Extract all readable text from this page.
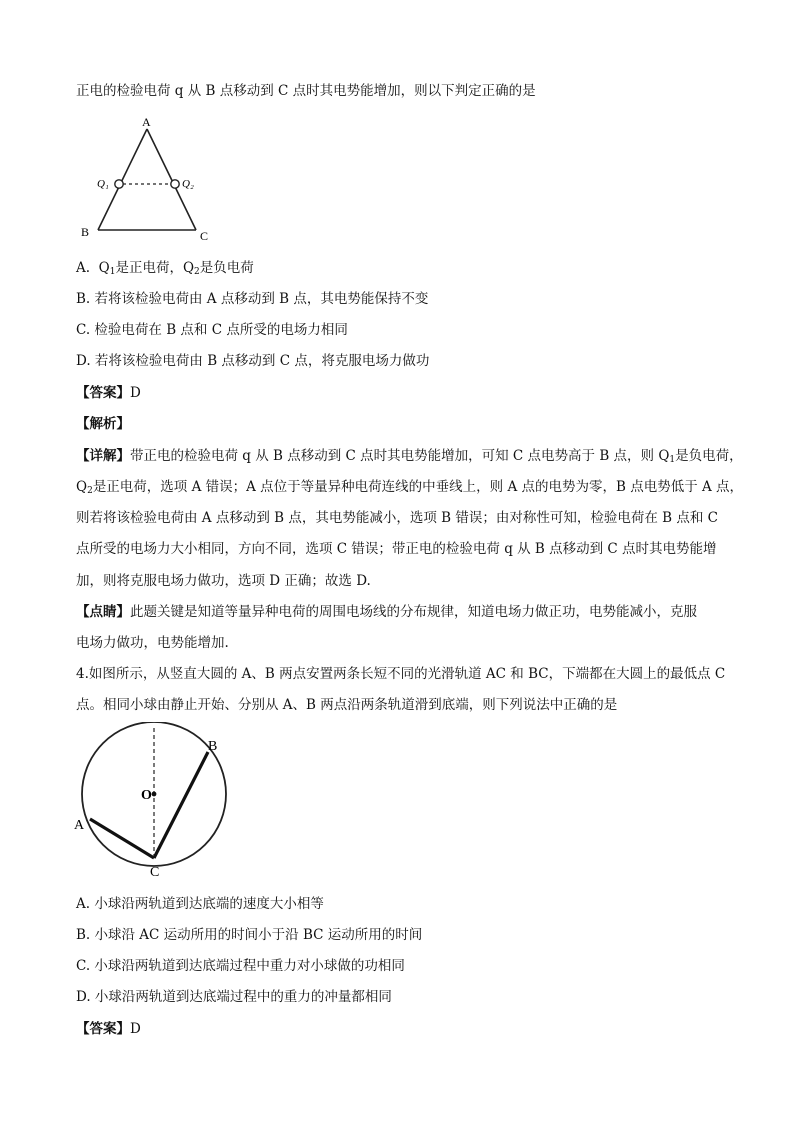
正电的检验电荷 q 从 B 点移动到 C 点时其电势能增加，则以下判定正确的是
A
B	C
Q₁	Q₂
A. $Q_1$是正电荷，$Q_2$是负电荷
B. 若将该检验电荷由 A 点移动到 B 点，其电势能保持不变
C. 检验电荷在 B 点和 C 点所受的电场力相同
D. 若将该检验电荷由 B 点移动到 C 点，将克服电场力做功
【答案】D
【解析】
【详解】带正电的检验电荷 q 从 B 点移动到 C 点时其电势能增加，可知 C 点电势高于 B 点，则 $Q_1$是负电荷，
$Q_2$是正电荷，选项 A 错误；A 点位于等量异种电荷连线的中垂线上，则 A 点的电势为零，B 点电势低于 A 点，
则若将该检验电荷由 A 点移动到 B 点，其电势能减小，选项 B 错误；由对称性可知，检验电荷在 B 点和 C
点所受的电场力大小相同，方向不同，选项 C 错误；带正电的检验电荷 q 从 B 点移动到 C 点时其电势能增
加，则将克服电场力做功，选项 D 正确；故选 D.
【点睛】此题关键是知道等量异种电荷的周围电场线的分布规律，知道电场力做正功，电势能减小，克服
电场力做功，电势能增加.
4.如图所示，从竖直大圆的 A、B 两点安置两条长短不同的光滑轨道 AC 和 BC，下端都在大圆上的最低点 C
点。相同小球由静止开始、分别从 A、B 两点沿两条轨道滑到底端，则下列说法中正确的是
O
A
B
C
A. 小球沿两轨道到达底端的速度大小相等
B. 小球沿 AC 运动所用的时间小于沿 BC 运动所用的时间
C. 小球沿两轨道到达底端过程中重力对小球做的功相同
D. 小球沿两轨道到达底端过程中的重力的冲量都相同
【答案】D
